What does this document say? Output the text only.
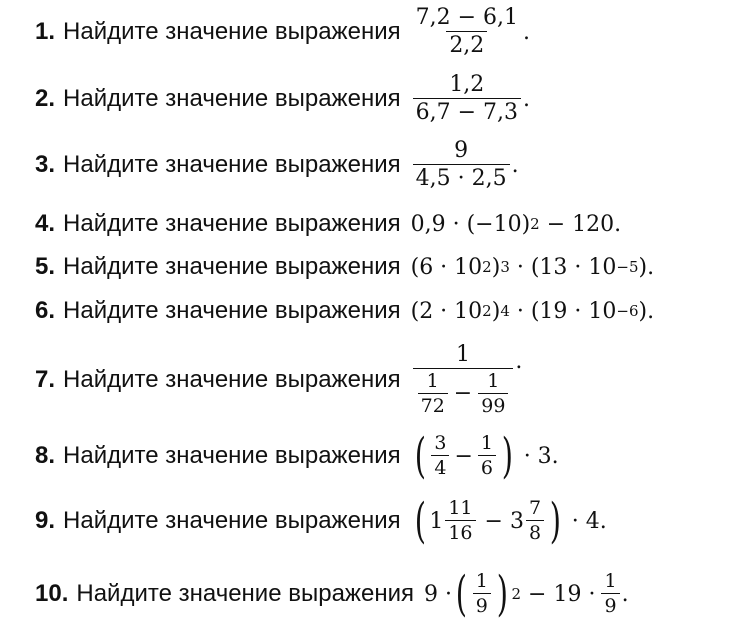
1. Найдите значение выражения $\frac{7,2 - 6,1}{2,2}$ .
2. Найдите значение выражения $\frac{1,2}{6,7 - 7,3}$ .
3. Найдите значение выражения $\frac{9}{4,5 \cdot 2,5}$ .
4. Найдите значение выражения 0,9 · (−10) 2 − 120.
5. Найдите значение выражения (6 · 10 2 ) 3 · (13 · 10 −5 ).
6. Найдите значение выражения (2 · 10 2 ) 4 · (19 · 10 −6 ).
7. Найдите значение выражения
1
$\frac{1}{72} - \frac{1}{99}$
.
8. Найдите значение выражения ( $\frac{3}{4} - \frac{1}{6}$ ) · 3.
9. Найдите значение выражения ( $1 \frac{11}{16} - 3 \frac{7}{8}$ ) · 4.
10. Найдите значение выражения 9 · ( $\frac{1}{9}$ ) $2 - 19 \cdot \frac{1}{9}$ .
